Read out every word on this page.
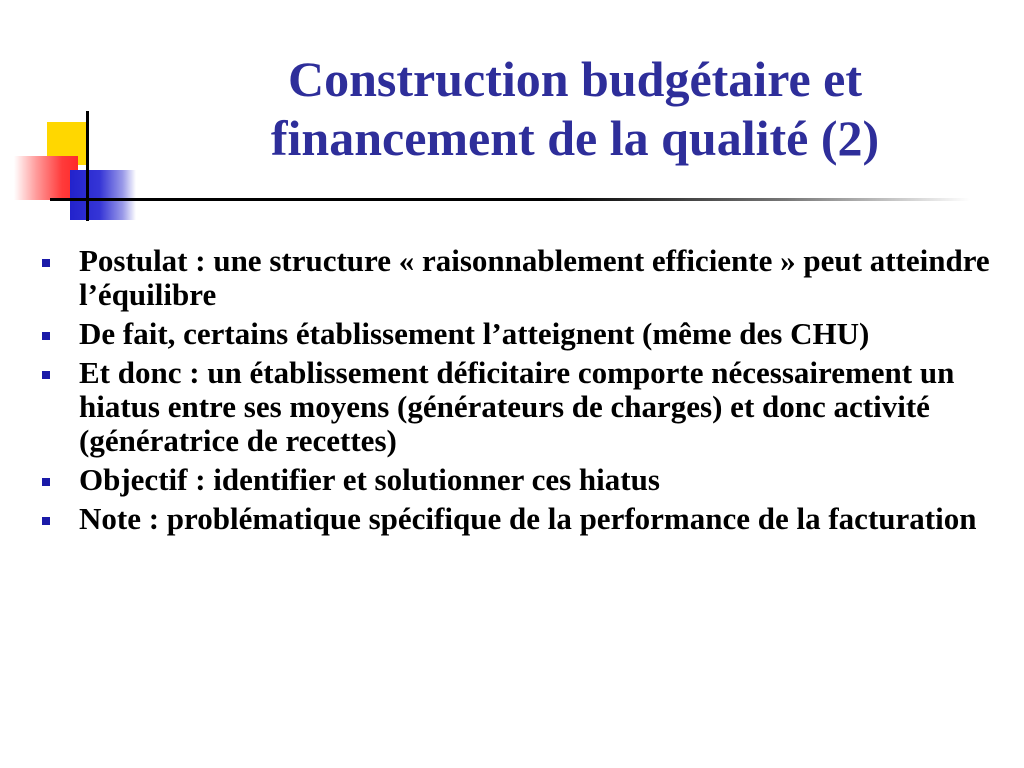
Construction budgétaire et
financement de la qualité (2)
Postulat : une structure « raisonnablement efficiente » peut atteindre l’équilibre
De fait, certains établissement l’atteignent (même des CHU)
Et donc : un établissement déficitaire comporte nécessairement un hiatus entre ses moyens (générateurs de charges) et donc activité (génératrice de recettes)
Objectif : identifier et solutionner ces hiatus
Note : problématique spécifique de la performance de la facturation
